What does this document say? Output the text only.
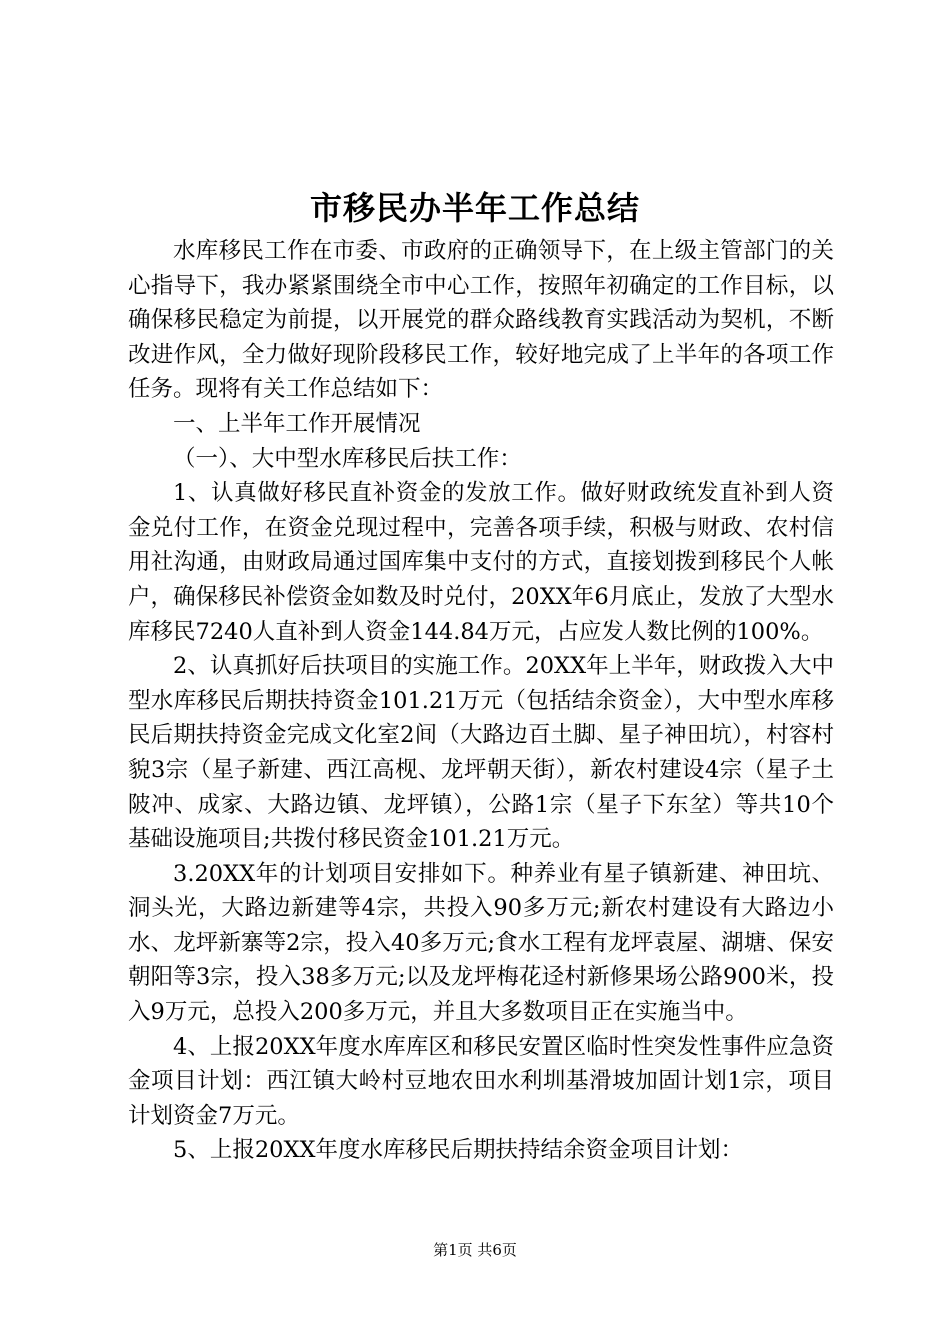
市移民办半年工作总结

水库移民工作在市委、市政府的正确领导下，在上级主管部门的关心指导下，我办紧紧围绕全市中心工作，按照年初确定的工作目标，以确保移民稳定为前提，以开展党的群众路线教育实践活动为契机，不断改进作风，全力做好现阶段移民工作，较好地完成了上半年的各项工作任务。现将有关工作总结如下：

一、上半年工作开展情况

（一）、大中型水库移民后扶工作：

1、认真做好移民直补资金的发放工作。做好财政统发直补到人资金兑付工作，在资金兑现过程中，完善各项手续，积极与财政、农村信用社沟通，由财政局通过国库集中支付的方式，直接划拨到移民个人帐户，确保移民补偿资金如数及时兑付，20XX年6月底止，发放了大型水库移民7240人直补到人资金144.84万元，占应发人数比例的100%。

2、认真抓好后扶项目的实施工作。20XX年上半年，财政拨入大中型水库移民后期扶持资金101.21万元（包括结余资金），大中型水库移民后期扶持资金完成文化室2间（大路边百土脚、星子神田坑），村容村貌3宗（星子新建、西江高枧、龙坪朝天街），新农村建设4宗（星子土陂冲、成家、大路边镇、龙坪镇），公路1宗（星子下东坌）等共10个基础设施项目;共拨付移民资金101.21万元。

3.20XX年的计划项目安排如下。种养业有星子镇新建、神田坑、洞头光，大路边新建等4宗，共投入90多万元;新农村建设有大路边小水、龙坪新寨等2宗，投入40多万元;食水工程有龙坪袁屋、湖塘、保安朝阳等3宗，投入38多万元;以及龙坪梅花迳村新修果场公路900米，投入9万元，总投入200多万元，并且大多数项目正在实施当中。

4、上报20XX年度水库库区和移民安置区临时性突发性事件应急资金项目计划：西江镇大岭村豆地农田水利圳基滑坡加固计划1宗，项目计划资金7万元。

5、上报20XX年度水库移民后期扶持结余资金项目计划：

第1页 共6页
